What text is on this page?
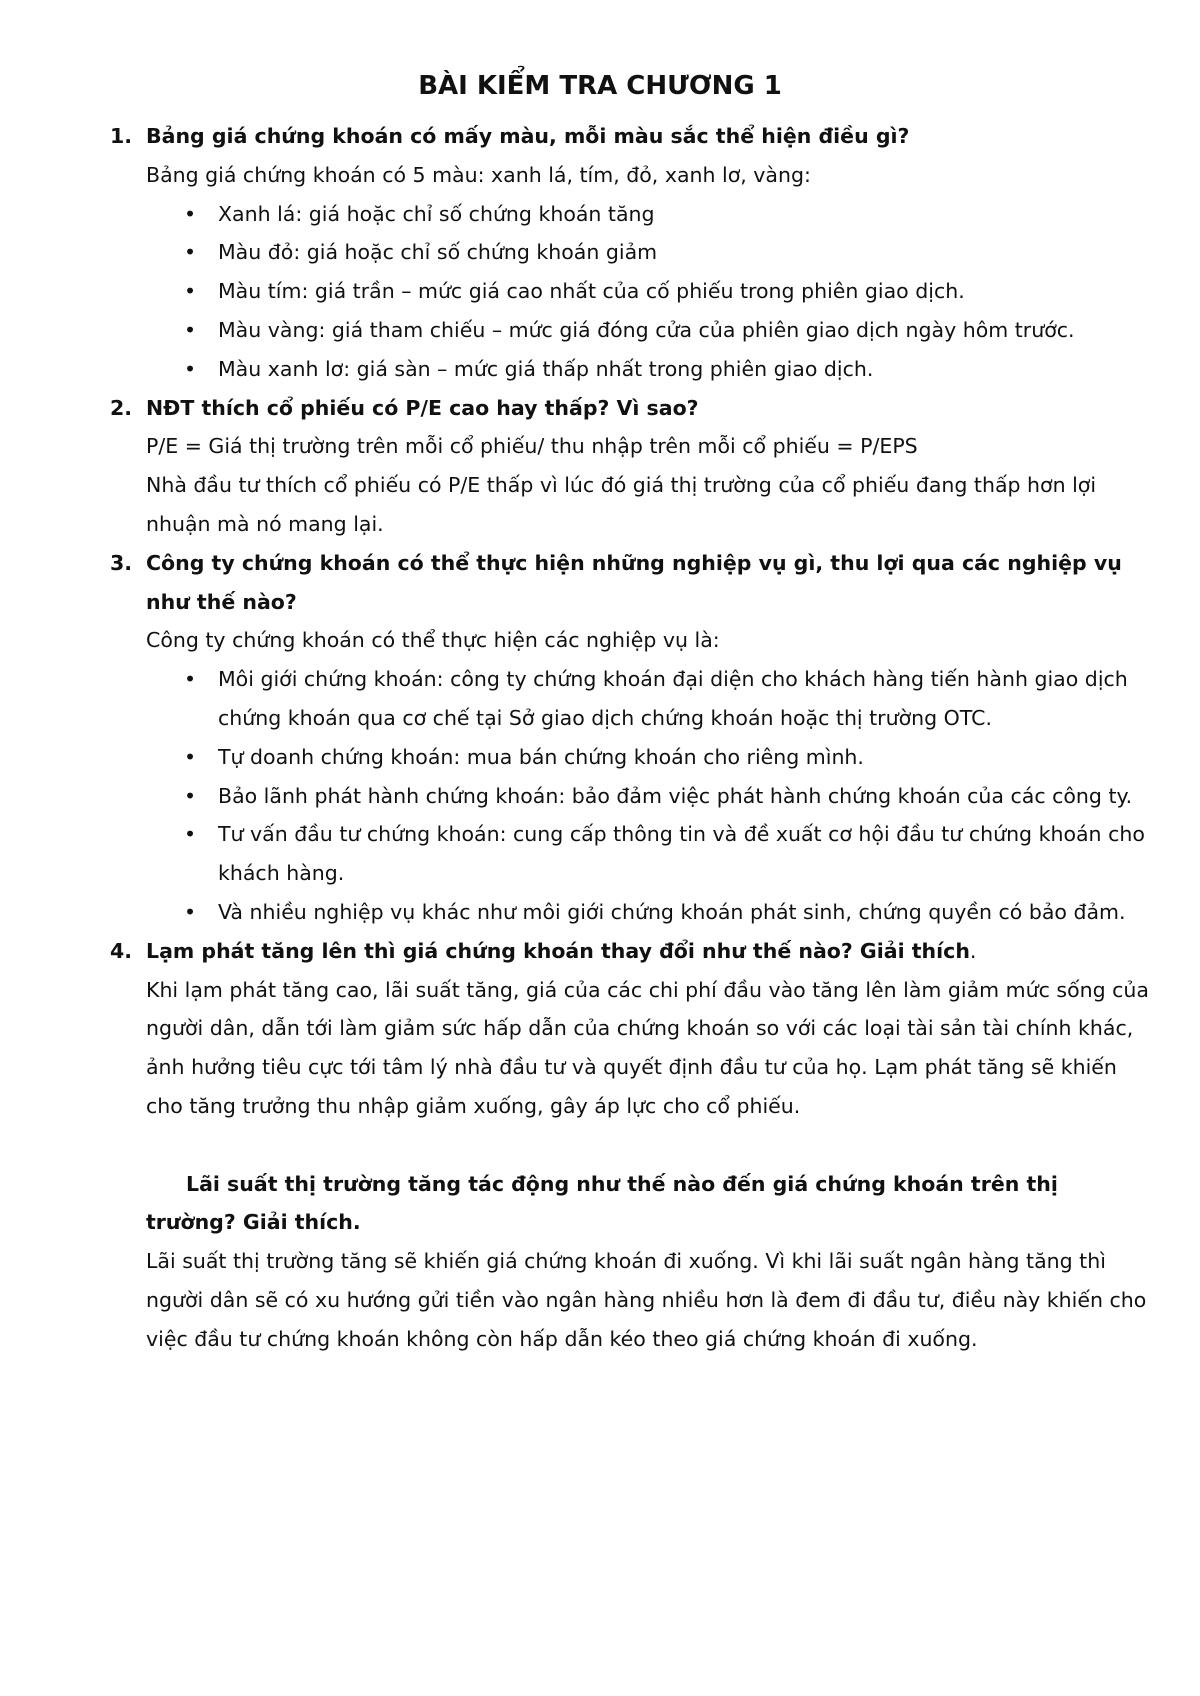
BÀI KIỂM TRA CHƯƠNG 1
1. Bảng giá chứng khoán có mấy màu, mỗi màu sắc thể hiện điều gì?
Bảng giá chứng khoán có 5 màu: xanh lá, tím, đỏ, xanh lơ, vàng:
• Xanh lá: giá hoặc chỉ số chứng khoán tăng
• Màu đỏ: giá hoặc chỉ số chứng khoán giảm
• Màu tím: giá trần – mức giá cao nhất của cố phiếu trong phiên giao dịch.
• Màu vàng: giá tham chiếu – mức giá đóng cửa của phiên giao dịch ngày hôm trước.
• Màu xanh lơ: giá sàn – mức giá thấp nhất trong phiên giao dịch.
2. NĐT thích cổ phiếu có P/E cao hay thấp? Vì sao?
P/E = Giá thị trường trên mỗi cổ phiếu/ thu nhập trên mỗi cổ phiếu = P/EPS
Nhà đầu tư thích cổ phiếu có P/E thấp vì lúc đó giá thị trường của cổ phiếu đang thấp hơn lợi nhuận mà nó mang lại.
3. Công ty chứng khoán có thể thực hiện những nghiệp vụ gì, thu lợi qua các nghiệp vụ như thế nào?
Công ty chứng khoán có thể thực hiện các nghiệp vụ là:
• Môi giới chứng khoán: công ty chứng khoán đại diện cho khách hàng tiến hành giao dịch chứng khoán qua cơ chế tại Sở giao dịch chứng khoán hoặc thị trường OTC.
• Tự doanh chứng khoán: mua bán chứng khoán cho riêng mình.
• Bảo lãnh phát hành chứng khoán: bảo đảm việc phát hành chứng khoán của các công ty.
• Tư vấn đầu tư chứng khoán: cung cấp thông tin và đề xuất cơ hội đầu tư chứng khoán cho khách hàng.
• Và nhiều nghiệp vụ khác như môi giới chứng khoán phát sinh, chứng quyền có bảo đảm.
4. Lạm phát tăng lên thì giá chứng khoán thay đổi như thế nào? Giải thích.
Khi lạm phát tăng cao, lãi suất tăng, giá của các chi phí đầu vào tăng lên làm giảm mức sống của người dân, dẫn tới làm giảm sức hấp dẫn của chứng khoán so với các loại tài sản tài chính khác, ảnh hưởng tiêu cực tới tâm lý nhà đầu tư và quyết định đầu tư của họ. Lạm phát tăng sẽ khiến cho tăng trưởng thu nhập giảm xuống, gây áp lực cho cổ phiếu.
Lãi suất thị trường tăng tác động như thế nào đến giá chứng khoán trên thị trường? Giải thích.
Lãi suất thị trường tăng sẽ khiến giá chứng khoán đi xuống. Vì khi lãi suất ngân hàng tăng thì người dân sẽ có xu hướng gửi tiền vào ngân hàng nhiều hơn là đem đi đầu tư, điều này khiến cho việc đầu tư chứng khoán không còn hấp dẫn kéo theo giá chứng khoán đi xuống.
